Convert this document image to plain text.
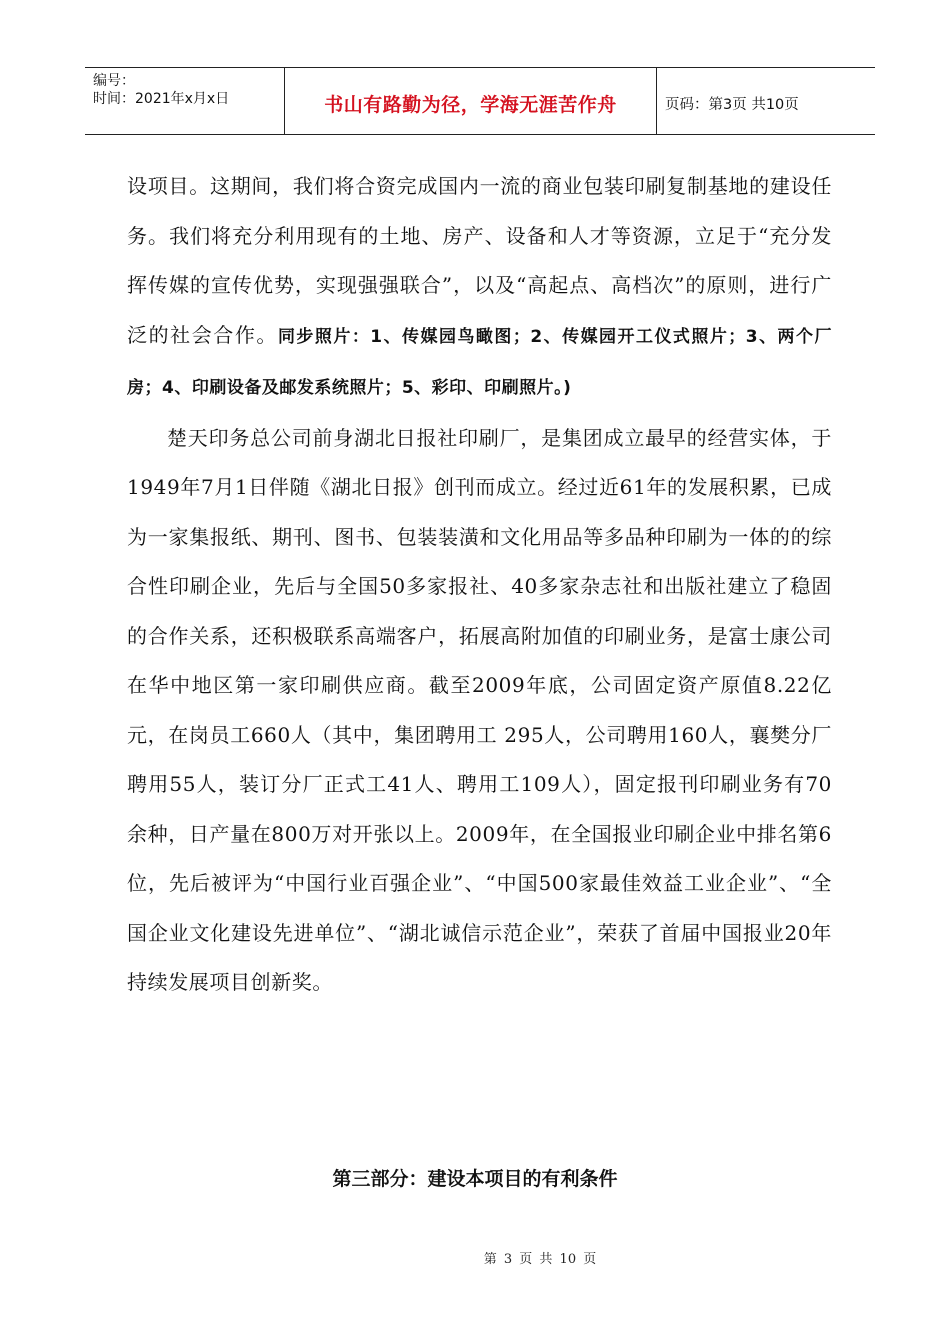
编号：
时间：2021年x月x日	书山有路勤为径，学海无涯苦作舟	页码：第3页 共10页

设项目。这期间，我们将合资完成国内一流的商业包装印刷复制基地的建设任务。我们将充分利用现有的土地、房产、设备和人才等资源，立足于“充分发挥传媒的宣传优势，实现强强联合”，以及“高起点、高档次”的原则，进行广泛的社会合作。同步照片：1、传媒园鸟瞰图；2、传媒园开工仪式照片；3、两个厂房；4、印刷设备及邮发系统照片；5、彩印、印刷照片。)

楚天印务总公司前身湖北日报社印刷厂，是集团成立最早的经营实体，于1949年7月1日伴随《湖北日报》创刊而成立。经过近61年的发展积累，已成为一家集报纸、期刊、图书、包装装潢和文化用品等多品种印刷为一体的的综合性印刷企业，先后与全国50多家报社、40多家杂志社和出版社建立了稳固的合作关系，还积极联系高端客户，拓展高附加值的印刷业务，是富士康公司在华中地区第一家印刷供应商。截至2009年底，公司固定资产原值8.22亿元，在岗员工660人（其中，集团聘用工 295人，公司聘用160人，襄樊分厂聘用55人，装订分厂正式工41人、聘用工109人），固定报刊印刷业务有70余种，日产量在800万对开张以上。2009年，在全国报业印刷企业中排名第6位，先后被评为“中国行业百强企业”、“中国500家最佳效益工业企业”、“全国企业文化建设先进单位”、“湖北诚信示范企业”，荣获了首届中国报业20年持续发展项目创新奖。

第三部分：建设本项目的有利条件
第 3 页 共 10 页
